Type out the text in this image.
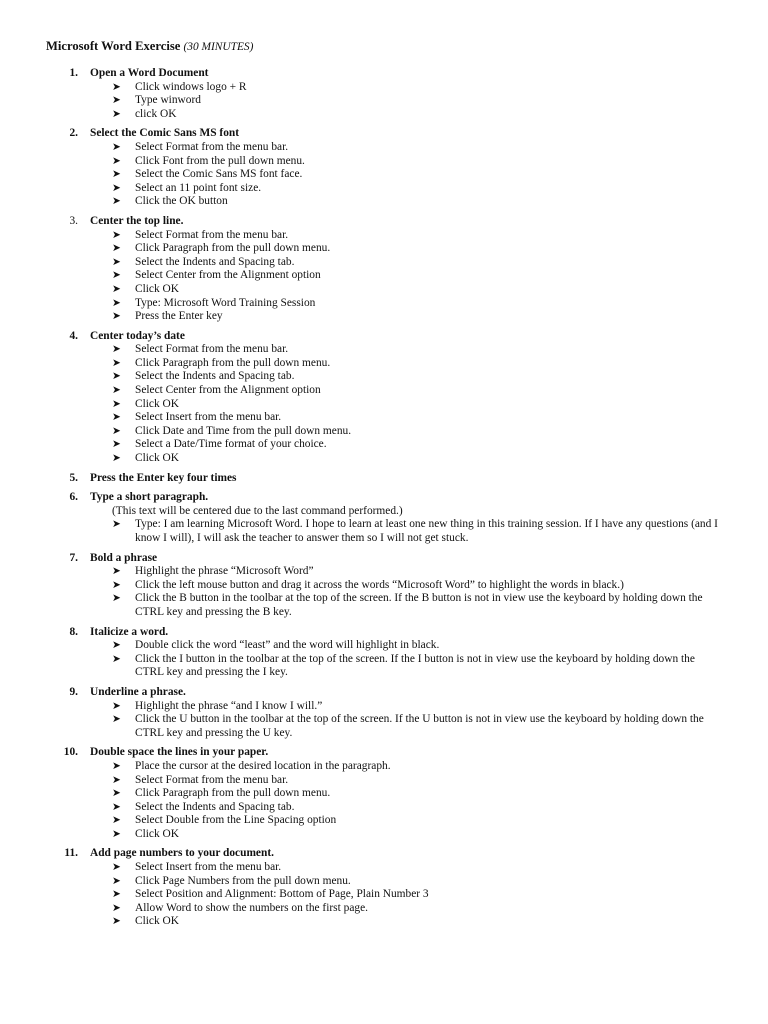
Microsoft Word Exercise (30 MINUTES)
1. Open a Word Document
➤ Click windows logo + R
➤ Type winword
➤ click OK
2. Select the Comic Sans MS font
➤ Select Format from the menu bar.
➤ Click Font from the pull down menu.
➤ Select the Comic Sans MS font face.
➤ Select an 11 point font size.
➤ Click the OK button
3. Center the top line.
➤ Select Format from the menu bar.
➤ Click Paragraph from the pull down menu.
➤ Select the Indents and Spacing tab.
➤ Select Center from the Alignment option
➤ Click OK
➤ Type: Microsoft Word Training Session
➤ Press the Enter key
4. Center today’s date
➤ Select Format from the menu bar.
➤ Click Paragraph from the pull down menu.
➤ Select the Indents and Spacing tab.
➤ Select Center from the Alignment option
➤ Click OK
➤ Select Insert from the menu bar.
➤ Click Date and Time from the pull down menu.
➤ Select a Date/Time format of your choice.
➤ Click OK
5. Press the Enter key four times
6. Type a short paragraph.
(This text will be centered due to the last command performed.)
➤ Type: I am learning Microsoft Word. I hope to learn at least one new thing in this training session. If I have any questions (and I know I will), I will ask the teacher to answer them so I will not get stuck.
7. Bold a phrase
➤ Highlight the phrase “Microsoft Word”
➤ Click the left mouse button and drag it across the words “Microsoft Word” to highlight the words in black.)
➤ Click the B button in the toolbar at the top of the screen. If the B button is not in view use the keyboard by holding down the CTRL key and pressing the B key.
8. Italicize a word.
➤ Double click the word “least” and the word will highlight in black.
➤ Click the I button in the toolbar at the top of the screen. If the I button is not in view use the keyboard by holding down the CTRL key and pressing the I key.
9. Underline a phrase.
➤ Highlight the phrase “and I know I will.”
➤ Click the U button in the toolbar at the top of the screen. If the U button is not in view use the keyboard by holding down the CTRL key and pressing the U key.
10. Double space the lines in your paper.
➤ Place the cursor at the desired location in the paragraph.
➤ Select Format from the menu bar.
➤ Click Paragraph from the pull down menu.
➤ Select the Indents and Spacing tab.
➤ Select Double from the Line Spacing option
➤ Click OK
11. Add page numbers to your document.
➤ Select Insert from the menu bar.
➤ Click Page Numbers from the pull down menu.
➤ Select Position and Alignment: Bottom of Page, Plain Number 3
➤ Allow Word to show the numbers on the first page.
➤ Click OK
